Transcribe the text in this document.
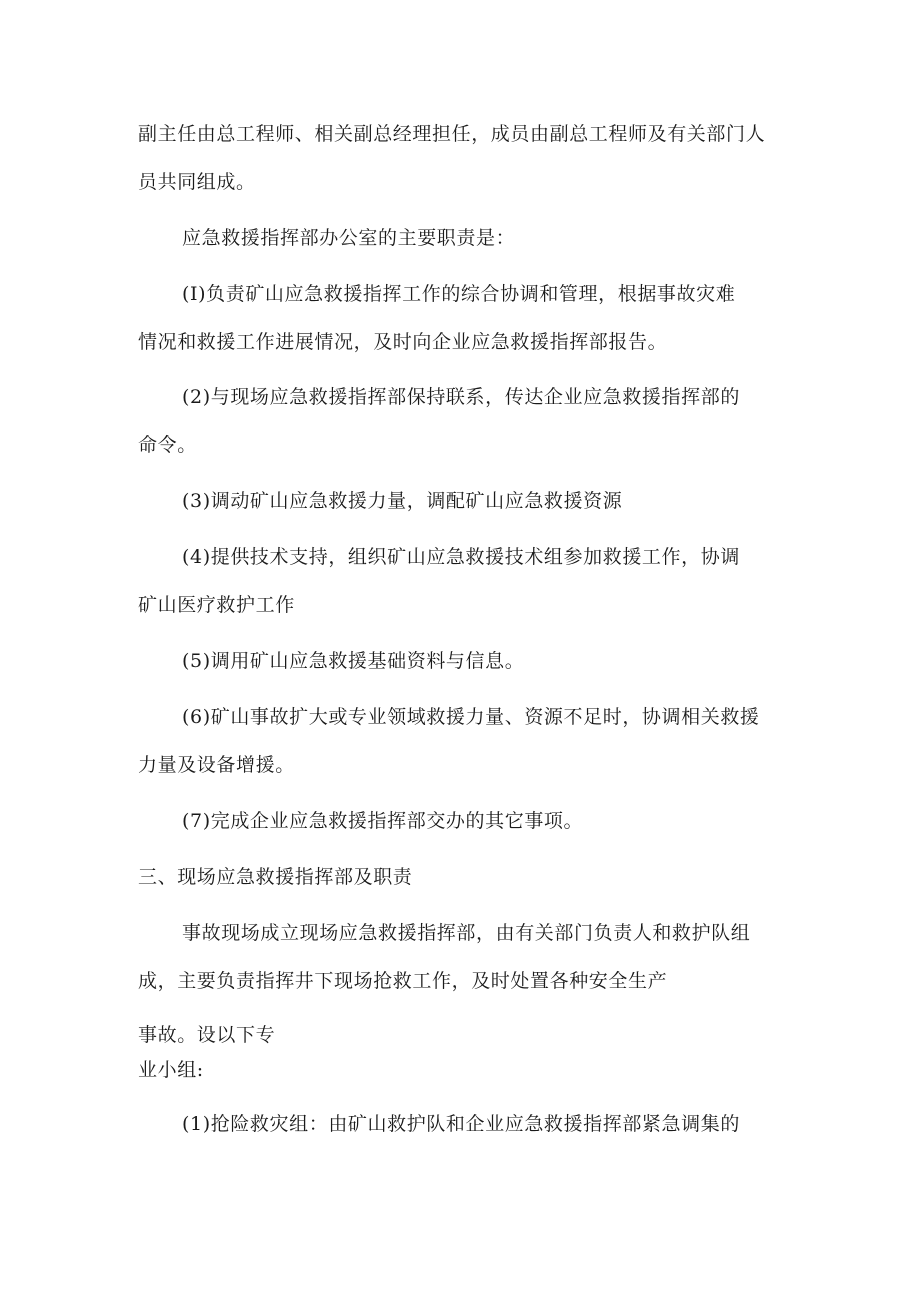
副主任由总工程师、相关副总经理担任，成员由副总工程师及有关部门人
员共同组成。
应急救援指挥部办公室的主要职责是：
(I)负责矿山应急救援指挥工作的综合协调和管理，根据事故灾难
情况和救援工作进展情况，及时向企业应急救援指挥部报告。
(2)与现场应急救援指挥部保持联系，传达企业应急救援指挥部的
命令。
(3)调动矿山应急救援力量，调配矿山应急救援资源
(4)提供技术支持，组织矿山应急救援技术组参加救援工作，协调
矿山医疗救护工作
(5)调用矿山应急救援基础资料与信息。
(6)矿山事故扩大或专业领域救援力量、资源不足时，协调相关救援
力量及设备增援。
(7)完成企业应急救援指挥部交办的其它事项。
三、现场应急救援指挥部及职责
事故现场成立现场应急救援指挥部，由有关部门负责人和救护队组
成，主要负责指挥井下现场抢救工作，及时处置各种安全生产
事故。设以下专
业小组:
(1)抢险救灾组：由矿山救护队和企业应急救援指挥部紧急调集的
